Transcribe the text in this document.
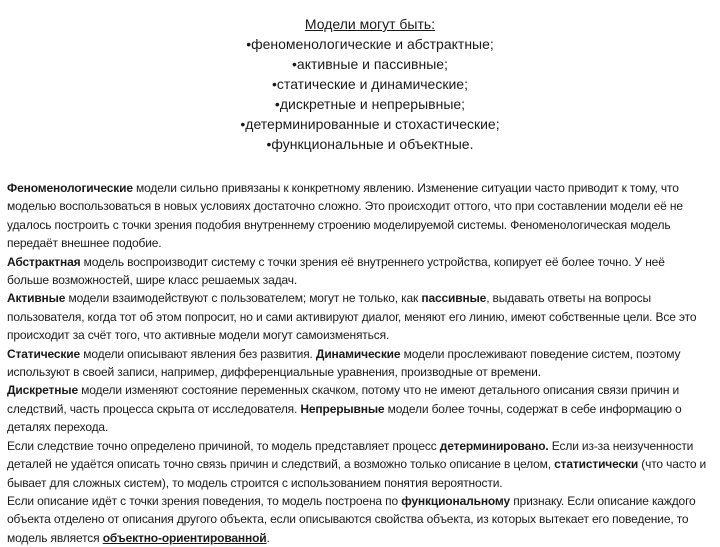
Модели могут быть:
•феноменологические и абстрактные;
•активные и пассивные;
•статические и динамические;
•дискретные и непрерывные;
•детерминированные и стохастические;
•функциональные и объектные.

Феноменологические модели сильно привязаны к конкретному явлению. Изменение ситуации часто приводит к тому, что моделью воспользоваться в новых условиях достаточно сложно. Это происходит оттого, что при составлении модели её не удалось построить с точки зрения подобия внутреннему строению моделируемой системы. Феноменологическая модель передаёт внешнее подобие.

Абстрактная модель воспроизводит систему с точки зрения её внутреннего устройства, копирует её более точно. У неё больше возможностей, шире класс решаемых задач.

Активные модели взаимодействуют с пользователем; могут не только, как пассивные, выдавать ответы на вопросы пользователя, когда тот об этом попросит, но и сами активируют диалог, меняют его линию, имеют собственные цели. Все это происходит за счёт того, что активные модели могут самоизменяться.

Статические модели описывают явления без развития. Динамические модели прослеживают поведение систем, поэтому используют в своей записи, например, дифференциальные уравнения, производные от времени.

Дискретные модели изменяют состояние переменных скачком, потому что не имеют детального описания связи причин и следствий, часть процесса скрыта от исследователя. Непрерывные модели более точны, содержат в себе информацию о деталях перехода.

Если следствие точно определено причиной, то модель представляет процесс детерминировано. Если из-за неизученности деталей не удаётся описать точно связь причин и следствий, а возможно только описание в целом, статистически (что часто и бывает для сложных систем), то модель строится с использованием понятия вероятности.

Если описание идёт с точки зрения поведения, то модель построена по функциональному признаку. Если описание каждого объекта отделено от описания другого объекта, если описываются свойства объекта, из которых вытекает его поведение, то модель является объектно-ориентированной.
